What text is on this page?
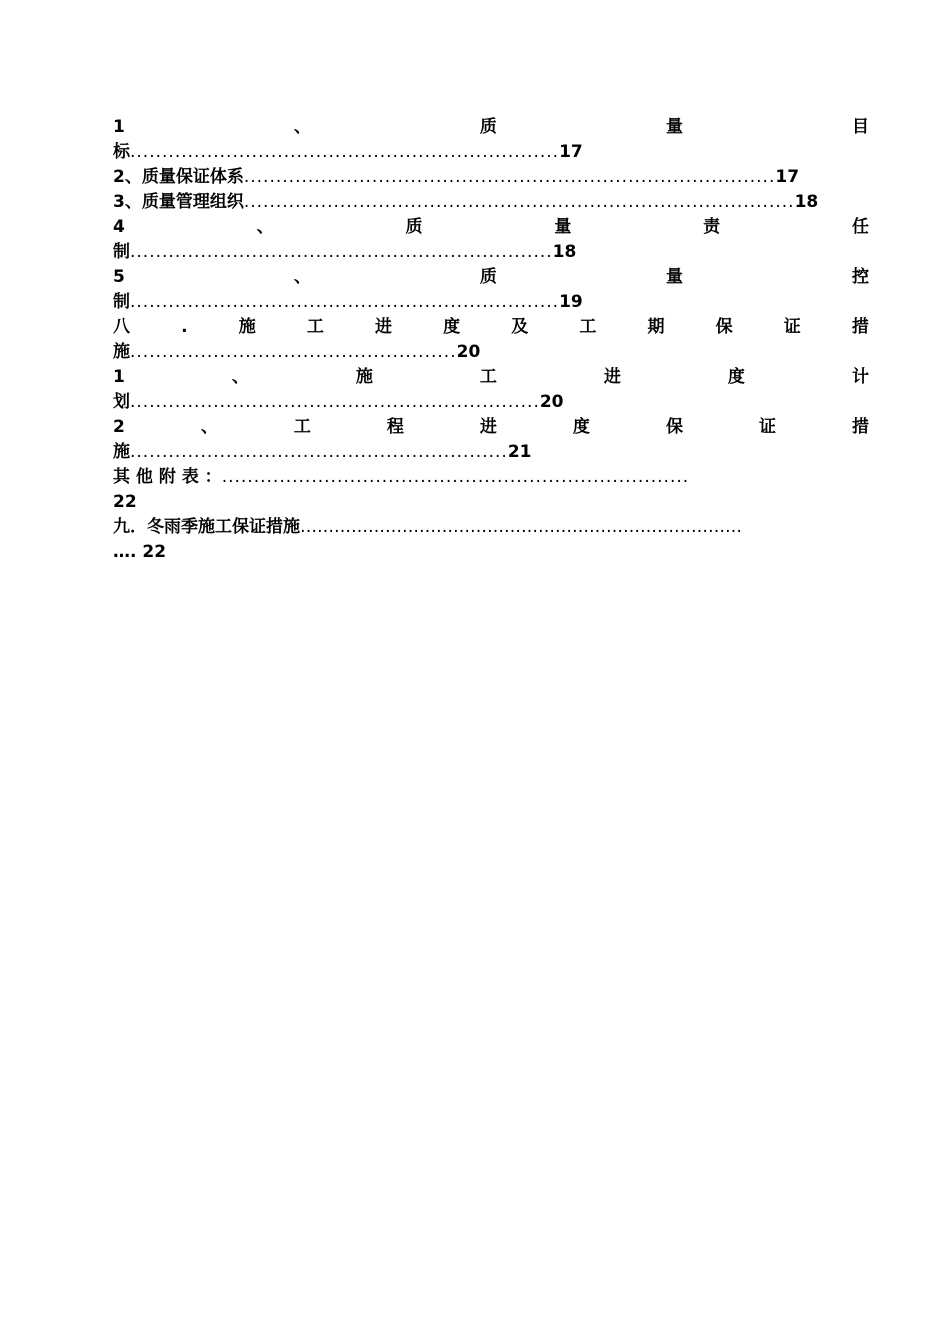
1	、	质	量	目
标...................................................................17
2、质量保证体系...................................................................................17
3、质量管理组织......................................................................................18
4	、	质	量	责	任
制..................................................................18
5	、	质	量	控
制...................................................................19
八	.	施	工	进	度	及	工	期	保	证	措
施...................................................20
1	、	施	工	进	度	计
划................................................................20
2	、	工	程	进	度	保	证	措
施...........................................................21
其 他 附 表 ：.........................................................................
22
九．冬雨季施工保证措施……………………………………………………………………
…. 22
